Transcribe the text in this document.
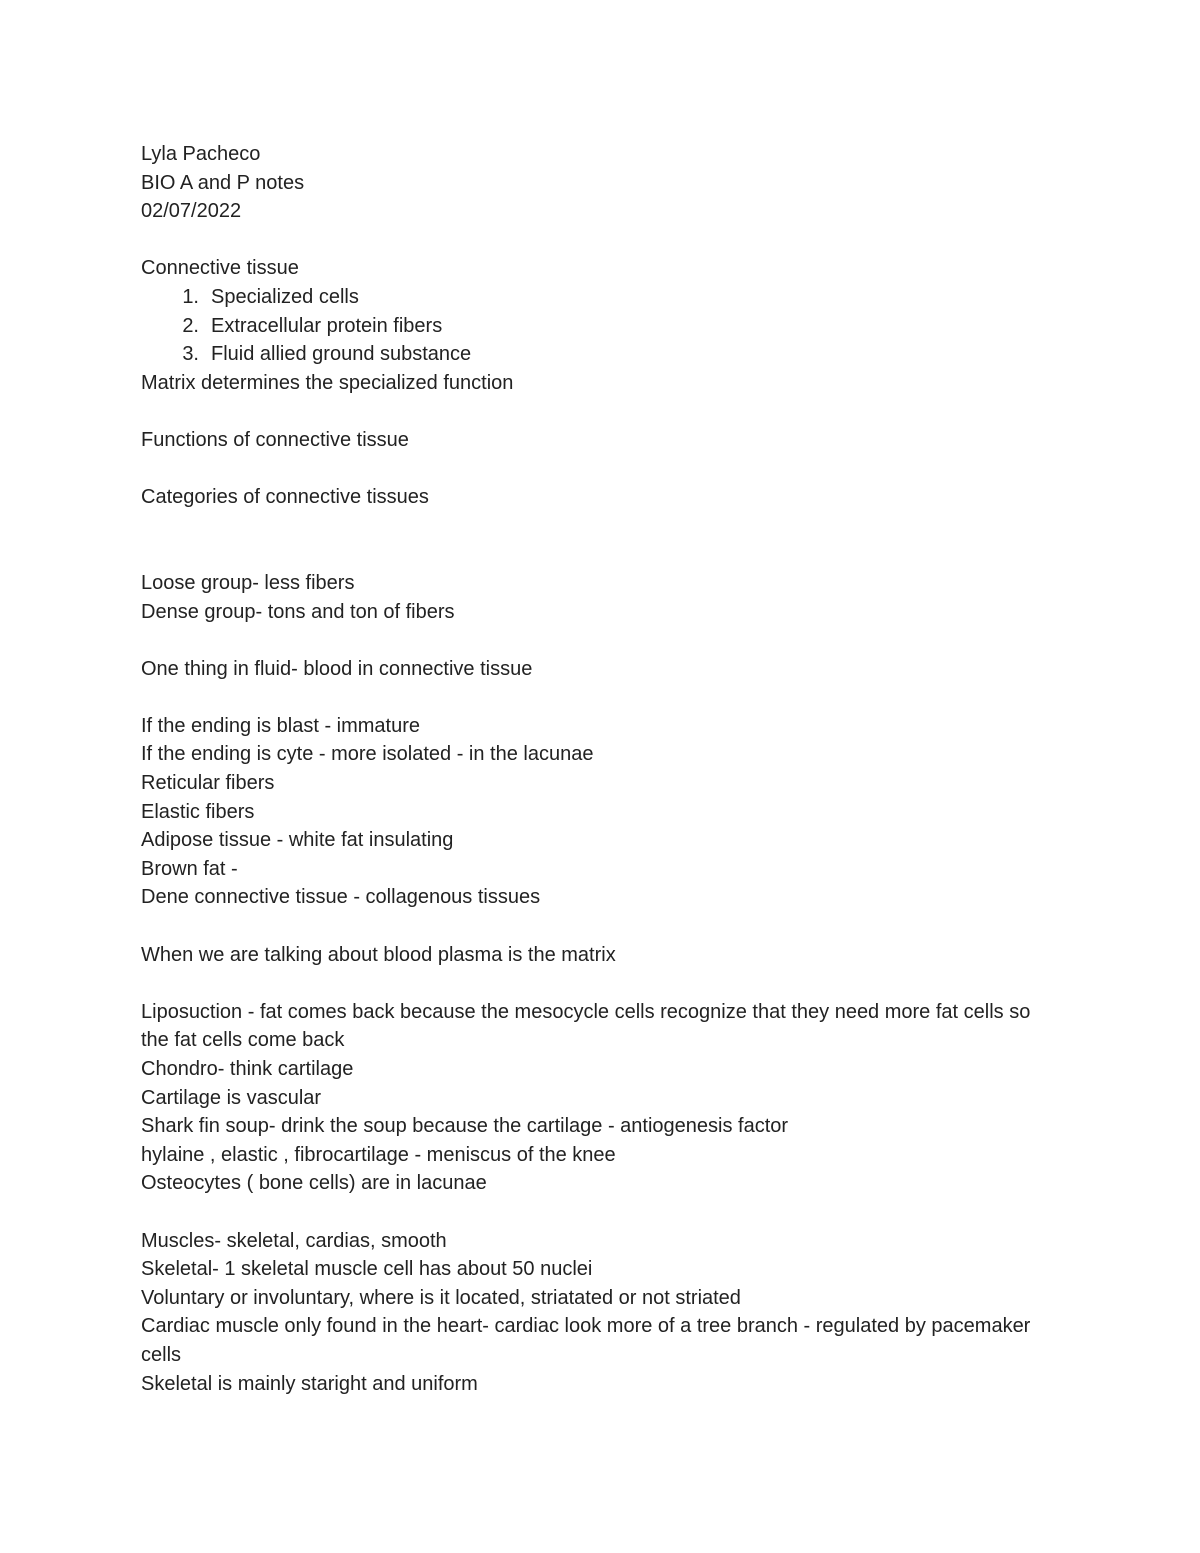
Lyla Pacheco

BIO A and P notes

02/07/2022

Connective tissue

1. Specialized cells
2. Extracellular protein fibers
3. Fluid allied ground substance

Matrix determines the specialized function

Functions of connective tissue

Categories of connective tissues

Loose group- less fibers

Dense group- tons and ton of fibers

One thing in fluid- blood in connective tissue

If the ending is blast - immature

If the ending is cyte - more isolated - in the lacunae

Reticular fibers

Elastic fibers

Adipose tissue - white fat insulating

Brown fat -

Dene connective tissue - collagenous tissues

When we are talking about blood plasma is the matrix

Liposuction - fat comes back because the mesocycle cells recognize that they need more fat cells so the fat cells come back

Chondro- think cartilage

Cartilage is vascular

Shark fin soup- drink the soup because the cartilage - antiogenesis factor

hylaine , elastic , fibrocartilage - meniscus of the knee

Osteocytes ( bone cells) are in lacunae

Muscles- skeletal, cardias, smooth

Skeletal- 1 skeletal muscle cell has about 50 nuclei

Voluntary or involuntary, where is it located, striatated or not striated

Cardiac muscle only found in the heart- cardiac look more of a tree branch - regulated by pacemaker cells

Skeletal is mainly staright and uniform
